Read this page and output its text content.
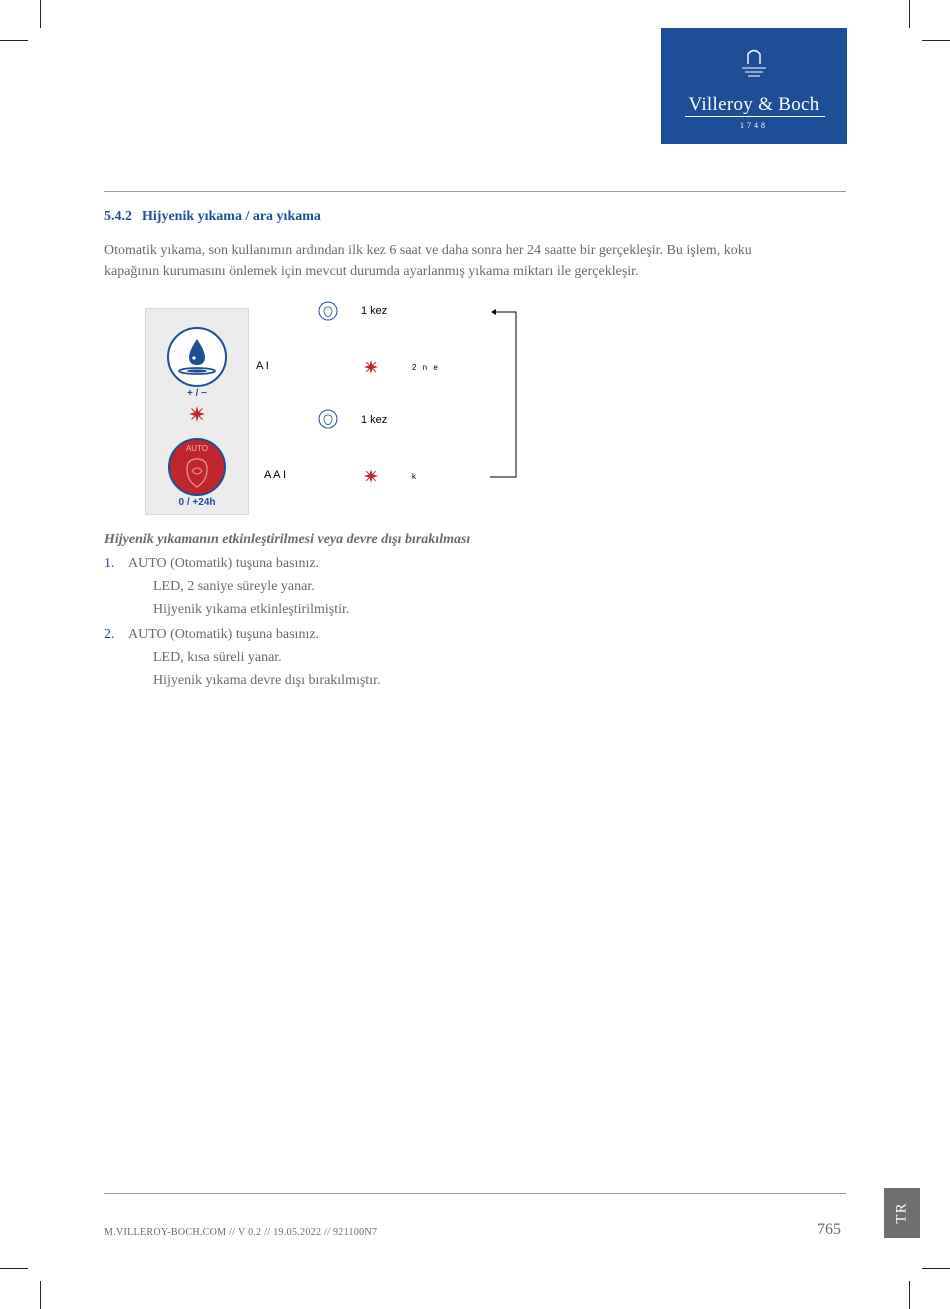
Villeroy & Boch
1748
5.4.2 Hijyenik yıkama / ara yıkama
Otomatik yıkama, son kullanımın ardından ilk kez 6 saat ve daha sonra her 24 saatte bir gerçekleşir. Bu işlem, koku
kapağının kurumasını önlemek için mevcut durumda ayarlanmış yıkama miktarı ile gerçekleşir.
+ / −
AUTO
0 / +24h
1 kez
A I	2 n e
1 kez
A A I	k
Hijyenik yıkamanın etkinleştirilmesi veya devre dışı bırakılması
1. AUTO (Otomatik) tuşuna basınız.
LED, 2 saniye süreyle yanar.
Hijyenik yıkama etkinleştirilmiştir.
2. AUTO (Otomatik) tuşuna basınız.
LED, kısa süreli yanar.
Hijyenik yıkama devre dışı bırakılmıştır.
M.VILLEROY-BOCH.COM // V 0.2 // 19.05.2022 // 921100N7	765
TR
